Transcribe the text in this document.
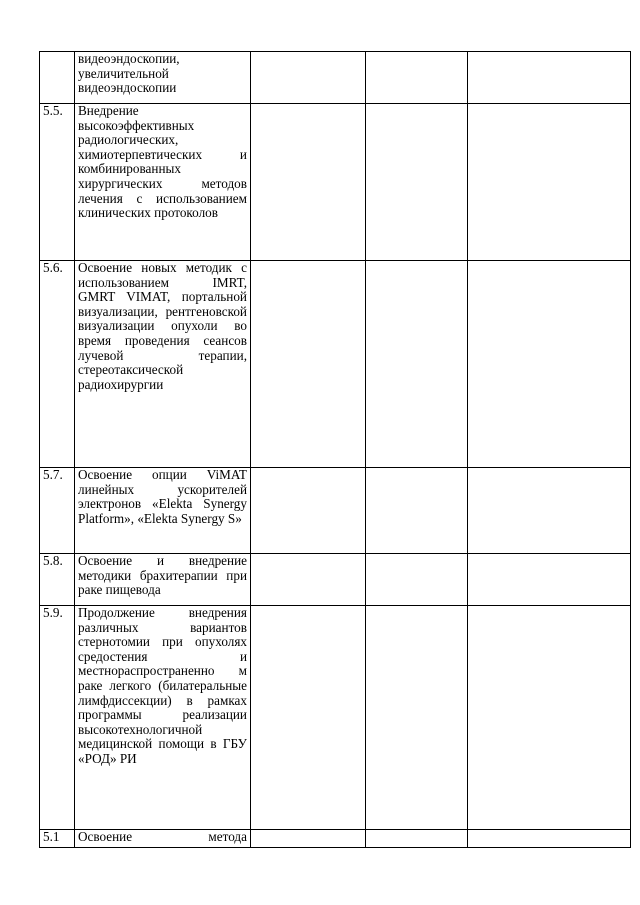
	видеоэндоскопии, увеличительной видеоэндоскопии			
5.5.	Внедрение высокоэффективных радиологических, химиотерпевтических и комбинированных хирургических методов лечения с использованием клинических протоколов			
5.6.	Освоение новых методик с использованием IMRT, GMRT VIMAT, портальной визуализации, рентгеновской визуализации опухоли во время проведения сеансов лучевой терапии, стереотаксической радиохирургии			
5.7.	Освоение опции ViMAT линейных ускорителей электронов «Elekta Synergy Platform», «Elekta Synergy S»			
5.8.	Освоение и внедрение методики брахитерапии при раке пищевода			
5.9.	Продолжение внедрения различных вариантов стернотомии при опухолях средостения и местнораспространенно м раке легкого (билатеральные лимфдиссекции) в рамках программы реализации высокотехнологичной медицинской помощи в ГБУ «РОД» РИ			
5.1	Освоение метода			
